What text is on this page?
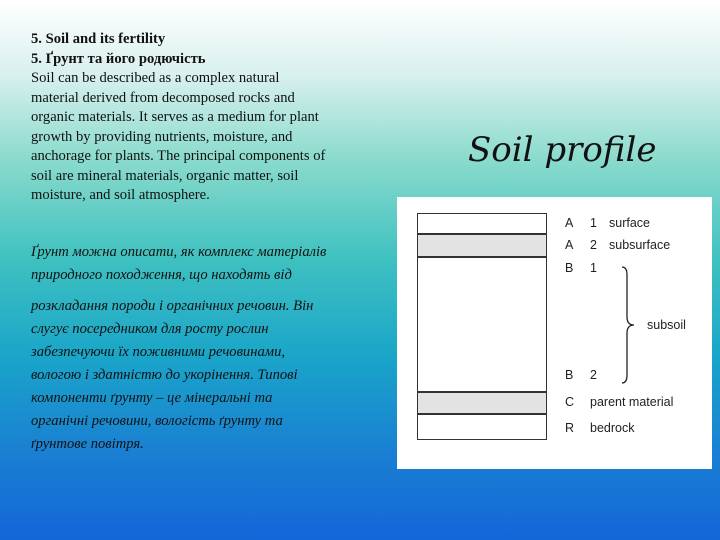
5. Soil and its fertility
5. Ґрунт та його родючість
Soil can be described as a complex natural
material derived from decomposed rocks and
organic materials. It serves as a medium for plant
growth by providing nutrients, moisture, and
anchorage for plants. The principal components of
soil are mineral materials, organic matter, soil
moisture, and soil atmosphere.
Ґрунт можна описати, як комплекс матеріалів
природного походження, що находять від
розкладання породи і органічних речовин. Він
слугує посередником для росту рослин
забезпечуючи їх поживними речовинами,
вологою і здатністю до укорінення. Типові
компоненти ґрунту – це мінеральні та
органічні речовини, вологість ґрунту та
ґрунтове повітря.
Soil profile
A 1 surface
A 2 subsurface
B 1
B 2
C parent material
R bedrock
subsoil
